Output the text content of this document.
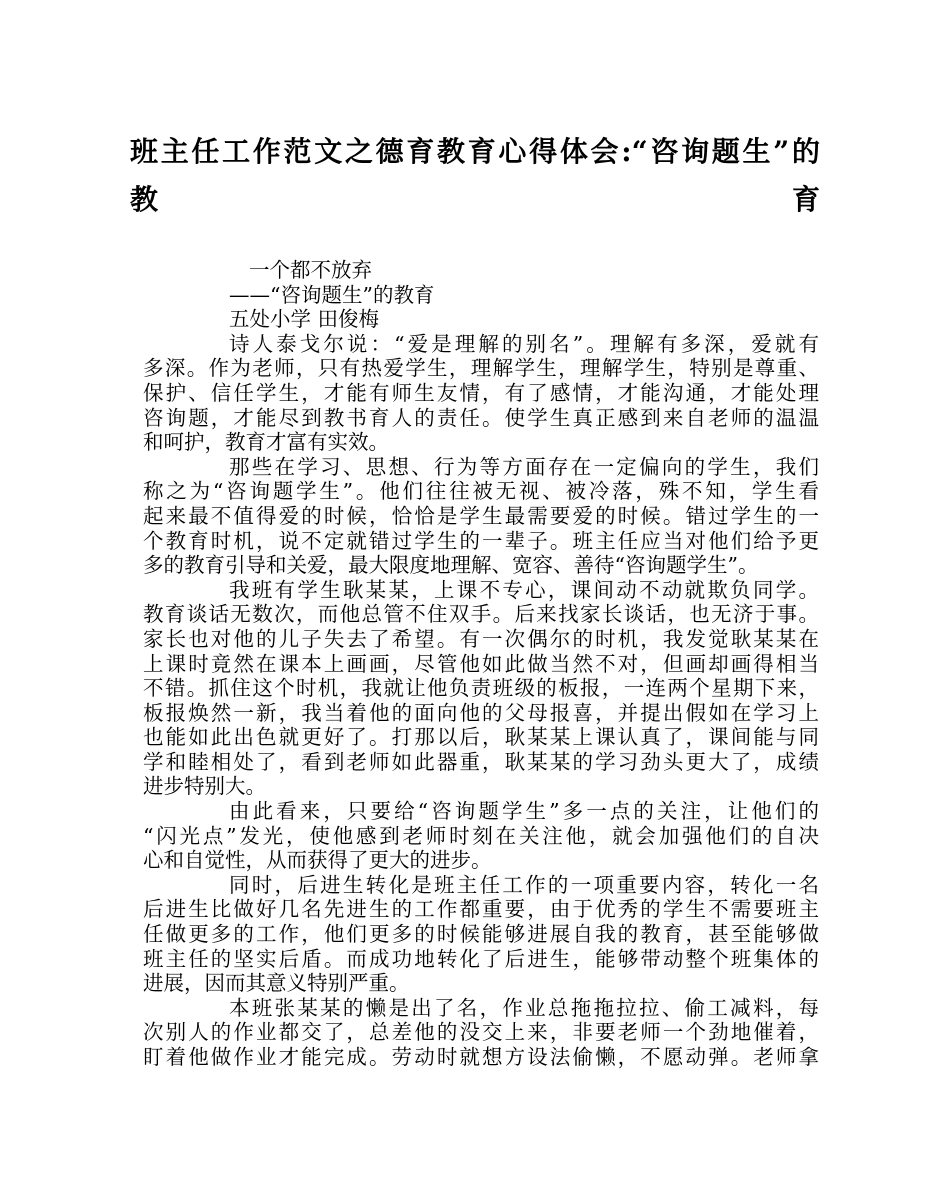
班主任工作范文之德育教育心得体会:“咨询题生”的
教育
一个都不放弃
——“咨询题生”的教育
五处小学 田俊梅
诗人泰戈尔说：“爱是理解的别名”。理解有多深，爱就有
多深。作为老师，只有热爱学生，理解学生，理解学生，特别是尊重、
保护、信任学生，才能有师生友情，有了感情，才能沟通，才能处理
咨询题，才能尽到教书育人的责任。使学生真正感到来自老师的温温
和呵护，教育才富有实效。
那些在学习、思想、行为等方面存在一定偏向的学生，我们
称之为“咨询题学生”。他们往往被无视、被冷落，殊不知，学生看
起来最不值得爱的时候，恰恰是学生最需要爱的时候。错过学生的一
个教育时机，说不定就错过学生的一辈子。班主任应当对他们给予更
多的教育引导和关爱，最大限度地理解、宽容、善待“咨询题学生”。
我班有学生耿某某，上课不专心，课间动不动就欺负同学。
教育谈话无数次，而他总管不住双手。后来找家长谈话，也无济于事。
家长也对他的儿子失去了希望。有一次偶尔的时机，我发觉耿某某在
上课时竟然在课本上画画，尽管他如此做当然不对，但画却画得相当
不错。抓住这个时机，我就让他负责班级的板报，一连两个星期下来，
板报焕然一新，我当着他的面向他的父母报喜，并提出假如在学习上
也能如此出色就更好了。打那以后，耿某某上课认真了，课间能与同
学和睦相处了，看到老师如此器重，耿某某的学习劲头更大了，成绩
进步特别大。
由此看来，只要给“咨询题学生”多一点的关注，让他们的
“闪光点”发光，使他感到老师时刻在关注他，就会加强他们的自决
心和自觉性，从而获得了更大的进步。
同时，后进生转化是班主任工作的一项重要内容，转化一名
后进生比做好几名先进生的工作都重要，由于优秀的学生不需要班主
任做更多的工作，他们更多的时候能够进展自我的教育，甚至能够做
班主任的坚实后盾。而成功地转化了后进生，能够带动整个班集体的
进展，因而其意义特别严重。
本班张某某的懒是出了名，作业总拖拖拉拉、偷工减料，每
次别人的作业都交了，总差他的没交上来，非要老师一个劲地催着，
盯着他做作业才能完成。劳动时就想方设法偷懒，不愿动弹。老师拿
